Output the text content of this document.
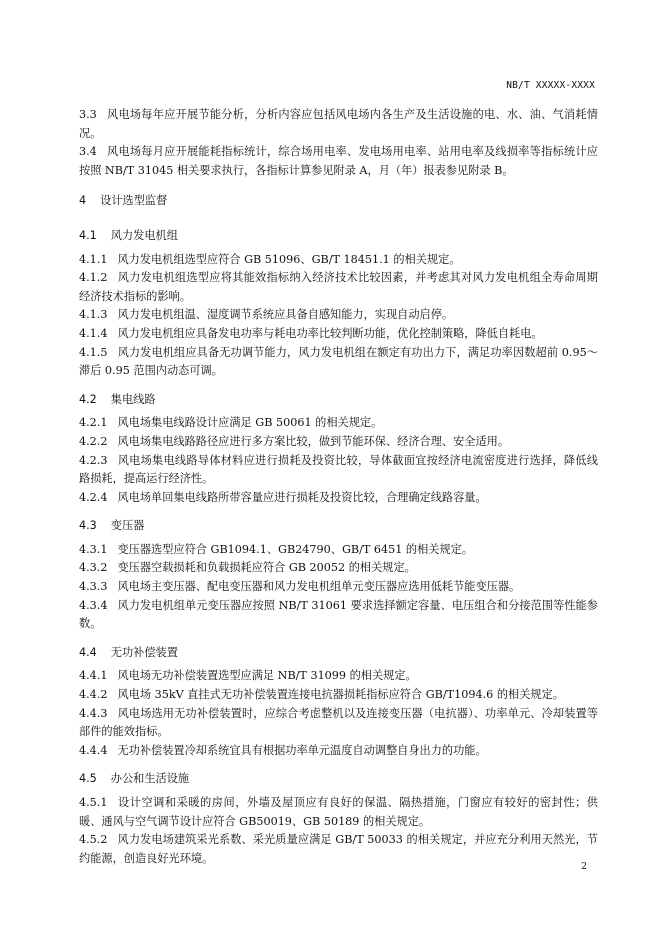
NB/T XXXXX-XXXX

3.3 风电场每年应开展节能分析，分析内容应包括风电场内各生产及生活设施的电、水、油、气消耗情况。

3.4 风电场每月应开展能耗指标统计，综合场用电率、发电场用电率、站用电率及线损率等指标统计应按照 NB/T 31045 相关要求执行，各指标计算参见附录 A，月（年）报表参见附录 B。

4 设计选型监督
4.1 风力发电机组

4.1.1 风力发电机组选型应符合 GB 51096、GB/T 18451.1 的相关规定。

4.1.2 风力发电机组选型应将其能效指标纳入经济技术比较因素，并考虑其对风力发电机组全寿命周期经济技术指标的影响。

4.1.3 风力发电机组温、湿度调节系统应具备自感知能力，实现自动启停。

4.1.4 风力发电机组应具备发电功率与耗电功率比较判断功能，优化控制策略，降低自耗电。

4.1.5 风力发电机组应具备无功调节能力，风力发电机组在额定有功出力下，满足功率因数超前 0.95～滞后 0.95 范围内动态可调。

4.2 集电线路

4.2.1 风电场集电线路设计应满足 GB 50061 的相关规定。

4.2.2 风电场集电线路路径应进行多方案比较，做到节能环保、经济合理、安全适用。

4.2.3 风电场集电线路导体材料应进行损耗及投资比较，导体截面宜按经济电流密度进行选择，降低线路损耗，提高运行经济性。

4.2.4 风电场单回集电线路所带容量应进行损耗及投资比较，合理确定线路容量。

4.3 变压器

4.3.1 变压器选型应符合 GB1094.1、GB24790、GB/T 6451 的相关规定。

4.3.2 变压器空载损耗和负载损耗应符合 GB 20052 的相关规定。

4.3.3 风电场主变压器、配电变压器和风力发电机组单元变压器应选用低耗节能变压器。

4.3.4 风力发电机组单元变压器应按照 NB/T 31061 要求选择额定容量、电压组合和分接范围等性能参数。

4.4 无功补偿装置

4.4.1 风电场无功补偿装置选型应满足 NB/T 31099 的相关规定。

4.4.2 风电场 35kV 直挂式无功补偿装置连接电抗器损耗指标应符合 GB/T1094.6 的相关规定。

4.4.3 风电场选用无功补偿装置时，应综合考虑整机以及连接变压器（电抗器）、功率单元、冷却装置等部件的能效指标。

4.4.4 无功补偿装置冷却系统宜具有根据功率单元温度自动调整自身出力的功能。

4.5 办公和生活设施

4.5.1 设计空调和采暖的房间，外墙及屋顶应有良好的保温、隔热措施，门窗应有较好的密封性；供暖、通风与空气调节设计应符合 GB50019、GB 50189 的相关规定。

4.5.2 风力发电场建筑采光系数、采光质量应满足 GB/T 50033 的相关规定，并应充分利用天然光，节约能源，创造良好光环境。

2
